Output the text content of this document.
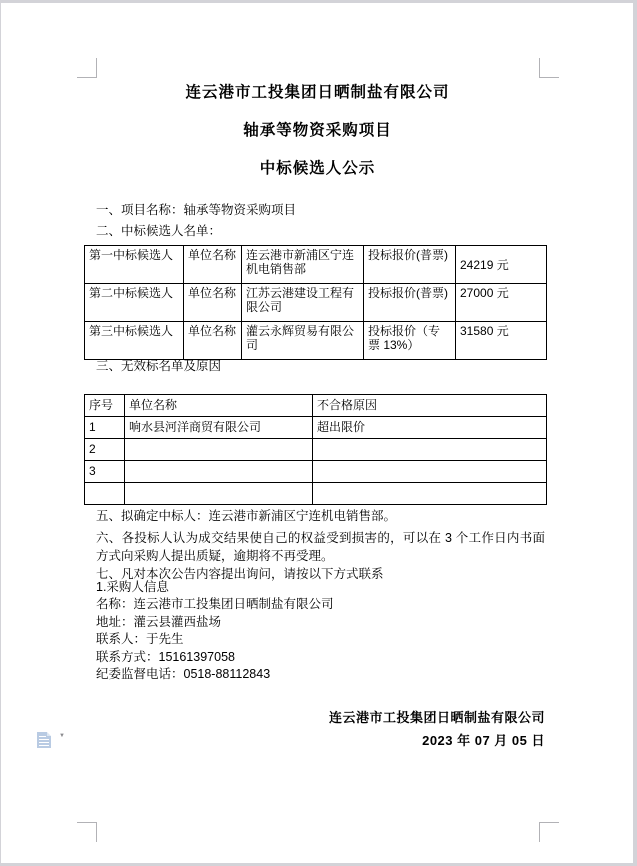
连云港市工投集团日晒制盐有限公司
轴承等物资采购项目
中标候选人公示

一、项目名称：轴承等物资采购项目

二、中标候选人名单：

第一中标候选人	单位名称	连云港市新浦区宁连机电销售部	投标报价(普票)	24219 元
第二中标候选人	单位名称	江苏云港建设工程有限公司	投标报价(普票)	27000 元
第三中标候选人	单位名称	灌云永辉贸易有限公司	投标报价（专票 13%）	31580 元

三、无效标名单及原因

序号	单位名称	不合格原因
1	响水县河洋商贸有限公司	超出限价
2		
3		

五、拟确定中标人：连云港市新浦区宁连机电销售部。

六、各投标人认为成交结果使自己的权益受到损害的，可以在 3 个工作日内书面方式向采购人提出质疑，逾期将不再受理。

七、凡对本次公告内容提出询问，请按以下方式联系

1.采购人信息

名称：连云港市工投集团日晒制盐有限公司
地址：灌云县灌西盐场
联系人：于先生
联系方式：15161397058
纪委监督电话：0518-88112843
连云港市工投集团日晒制盐有限公司
2023 年 07 月 05 日
▼
